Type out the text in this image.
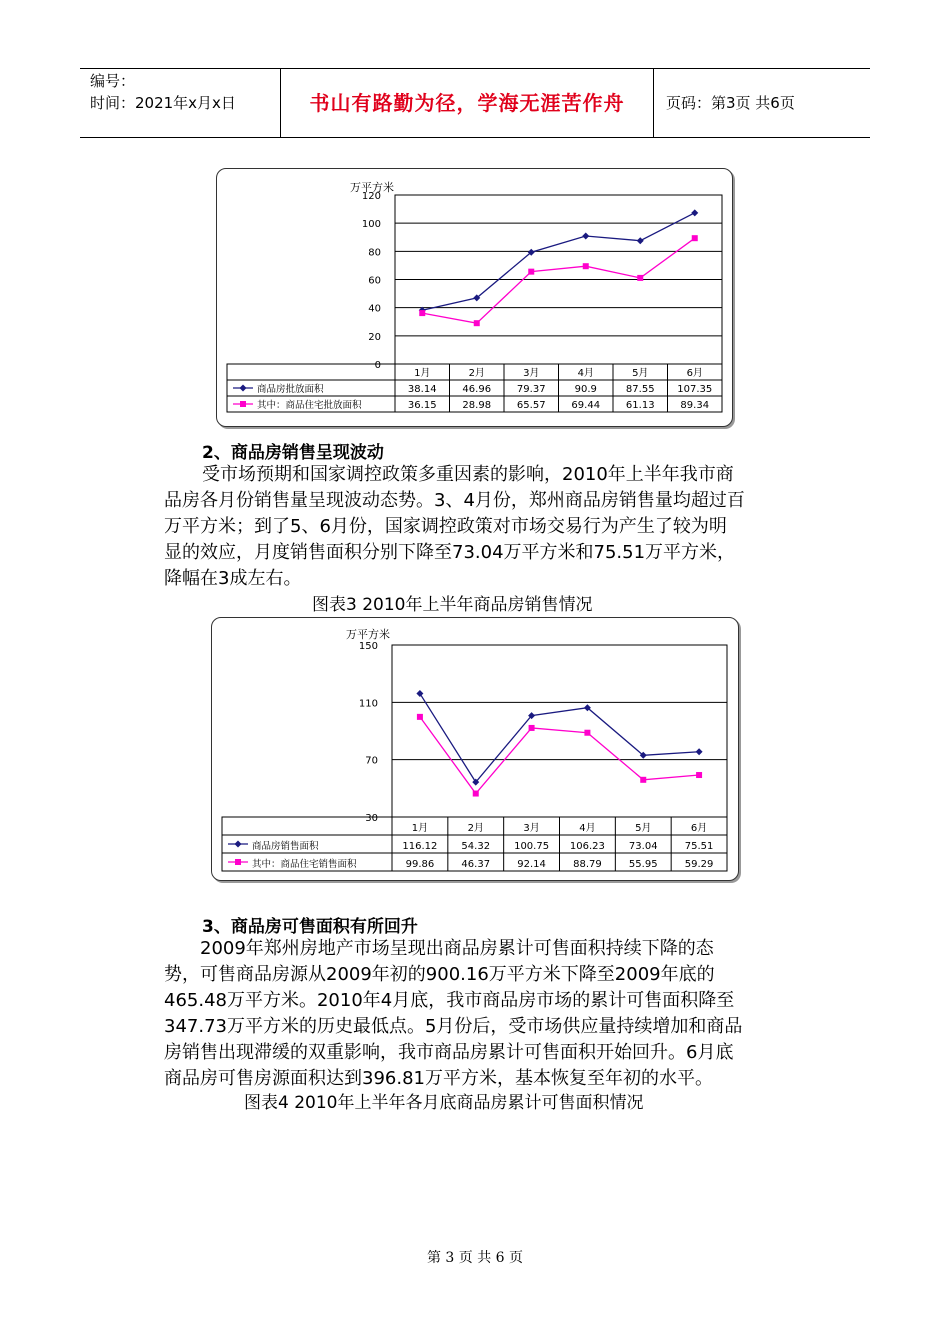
编号：
时间：2021年x月x日	书山有路勤为径，学海无涯苦作舟	页码：第3页 共6页
万平方米
0
20
40
60
80
100
120
1月	2月	3月	4月	5月	6月
商品房批放面积	38.14	46.96	79.37	90.9	87.55 107.35
其中：商品住宅批放面积	36.15	28.98	65.57	69.44	61.13	89.34
2、商品房销售呈现波动
受市场预期和国家调控政策多重因素的影响，2010年上半年我市商
品房各月份销售量呈现波动态势。3、4月份，郑州商品房销售量均超过百
万平方米；到了5、6月份，国家调控政策对市场交易行为产生了较为明
显的效应，月度销售面积分别下降至73.04万平方米和75.51万平方米，
降幅在3成左右。
图表3 2010年上半年商品房销售情况
万平方米
30
70
110
150
1月	2月	3月	4月	5月	6月
商品房销售面积	116.12 54.32 100.75 106.23 73.04	75.51
其中：商品住宅销售面积	99.86	46.37	92.14	88.79	55.95	59.29
3、商品房可售面积有所回升
2009年郑州房地产市场呈现出商品房累计可售面积持续下降的态
势，可售商品房源从2009年初的900.16万平方米下降至2009年底的
465.48万平方米。2010年4月底，我市商品房市场的累计可售面积降至
347.73万平方米的历史最低点。5月份后，受市场供应量持续增加和商品
房销售出现滞缓的双重影响，我市商品房累计可售面积开始回升。6月底
商品房可售房源面积达到396.81万平方米，基本恢复至年初的水平。
图表4 2010年上半年各月底商品房累计可售面积情况
第 3 页 共 6 页
